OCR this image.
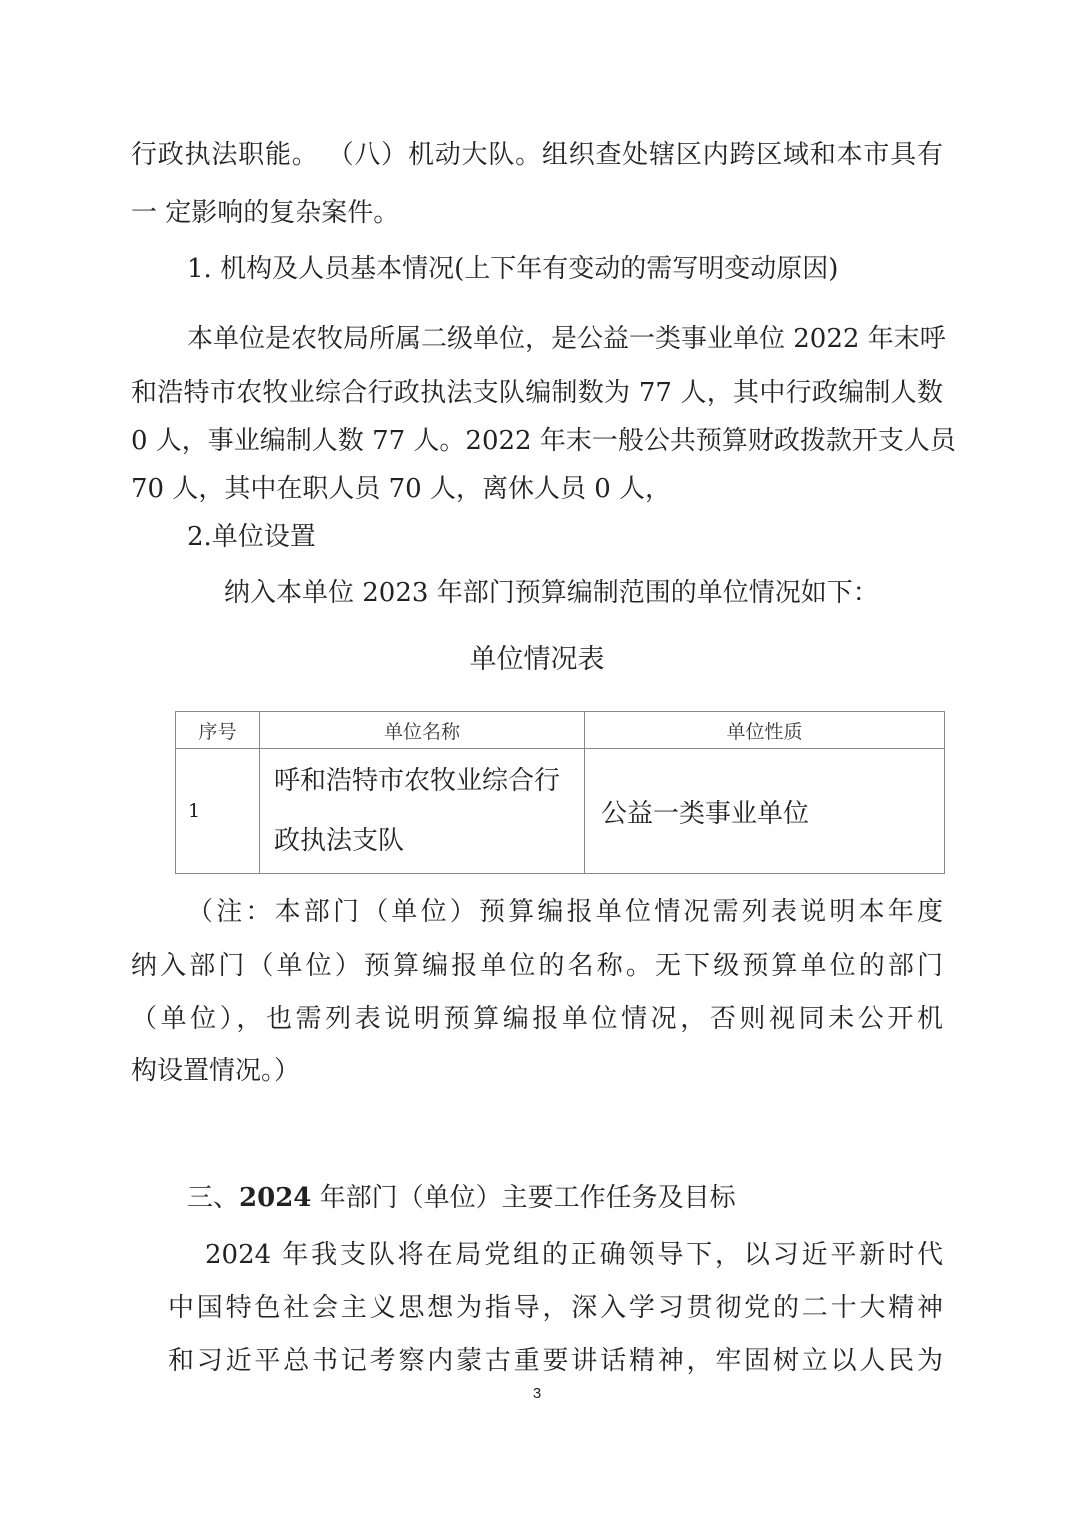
行政执法职能。 （八）机动大队。组织查处辖区内跨区域和本市具有
一 定影响的复杂案件。
1. 机构及人员基本情况(上下年有变动的需写明变动原因)
本单位是农牧局所属二级单位，是公益一类事业单位 2022 年末呼
和浩特市农牧业综合行政执法支队编制数为 77 人，其中行政编制人数
0 人，事业编制人数 77 人。2022 年末一般公共预算财政拨款开支人员
70 人，其中在职人员 70 人，离休人员 0 人，
2.单位设置
纳入本单位 2023 年部门预算编制范围的单位情况如下：
单位情况表
序号	单位名称	单位性质
1	呼和浩特市农牧业综合行政执法支队	公益一类事业单位
（注：本部门（单位）预算编报单位情况需列表说明本年度
纳入部门（单位）预算编报单位的名称。无下级预算单位的部门
（单位），也需列表说明预算编报单位情况，否则视同未公开机
构设置情况。）
三、2024 年部门（单位）主要工作任务及目标
2024 年我支队将在局党组的正确领导下，以习近平新时代
中国特色社会主义思想为指导，深入学习贯彻党的二十大精神
和习近平总书记考察内蒙古重要讲话精神，牢固树立以人民为
3
